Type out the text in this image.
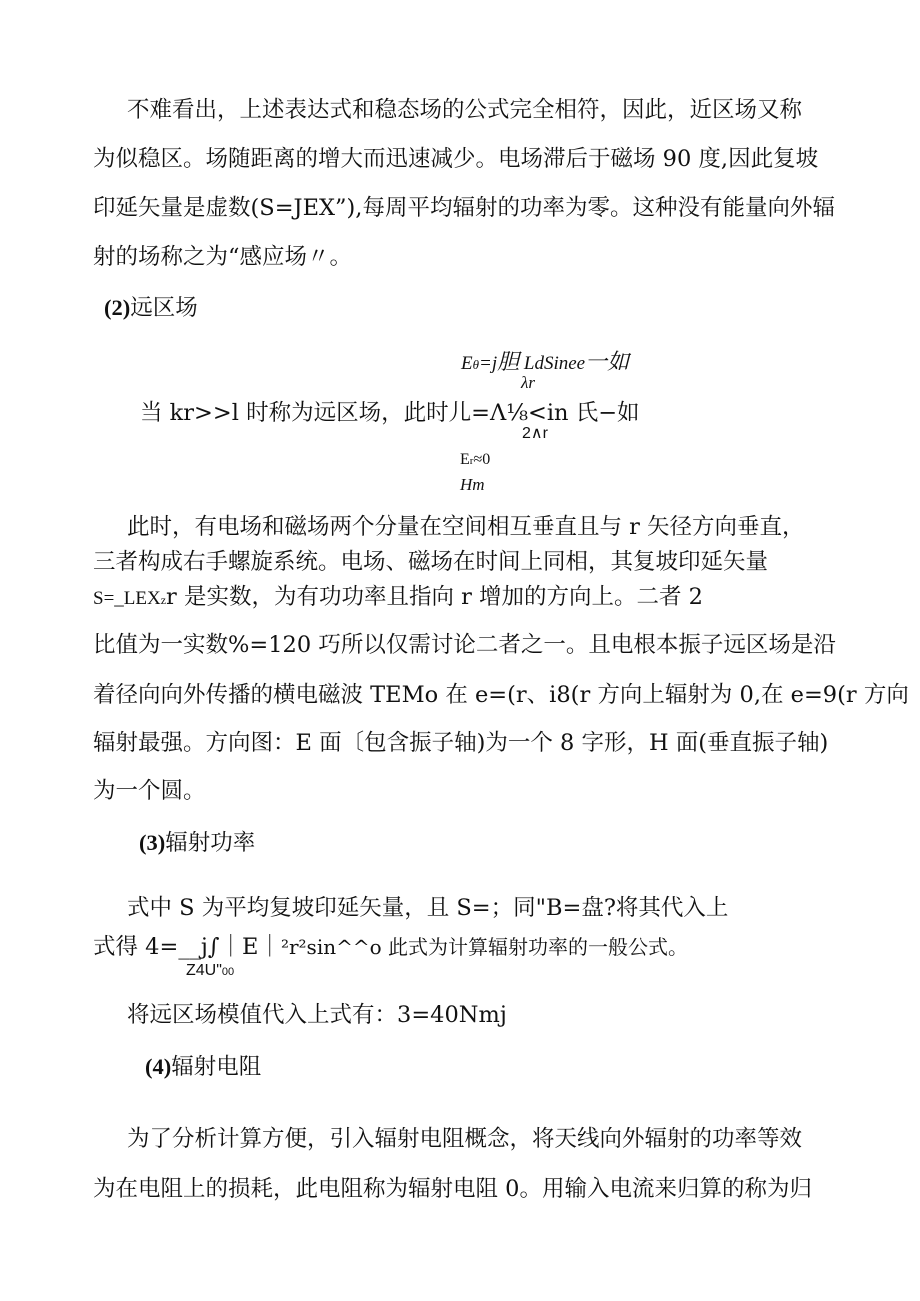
不难看出，上述表达式和稳态场的公式完全相符，因此，近区场又称
为似稳区。场随距离的增大而迅速减少。电场滞后于磁场 90 度,因此复坡
印延矢量是虚数(S=JEX”),每周平均辐射的功率为零。这种没有能量向外辐
射的场称之为“感应场〃。
(2)远区场
Eθ=j胆 LdSinee一如
λr
当 kr>>l 时称为远区场，此时儿=Λ⅛<in 氏−如
2∧r
Er≈0
Hm
此时，有电场和磁场两个分量在空间相互垂直且与 r 矢径方向垂直，
三者构成右手螺旋系统。电场、磁场在时间上同相，其复坡印延矢量
S=_LEXzr 是实数，为有功功率且指向 r 增加的方向上。二者 2
比值为一实数%=120 巧所以仅需讨论二者之一。且电根本振子远区场是沿
着径向向外传播的横电磁波 TEMo 在 e=(r、i8(r 方向上辐射为 0,在 e=9(r 方向
辐射最强。方向图：E 面〔包含振子轴)为一个 8 字形，H 面(垂直振子轴)
为一个圆。
(3)辐射功率
式中 S 为平均复坡印延矢量，且 S=；同"B=盘?将其代入上
式得 4=__j∫｜E｜²r²sin^^o 此式为计算辐射功率的一般公式。
Z4U"00
将远区场模值代入上式有：3=40Nmj
(4)辐射电阻
为了分析计算方便，引入辐射电阻概念，将天线向外辐射的功率等效
为在电阻上的损耗，此电阻称为辐射电阻 0。用输入电流来归算的称为归
